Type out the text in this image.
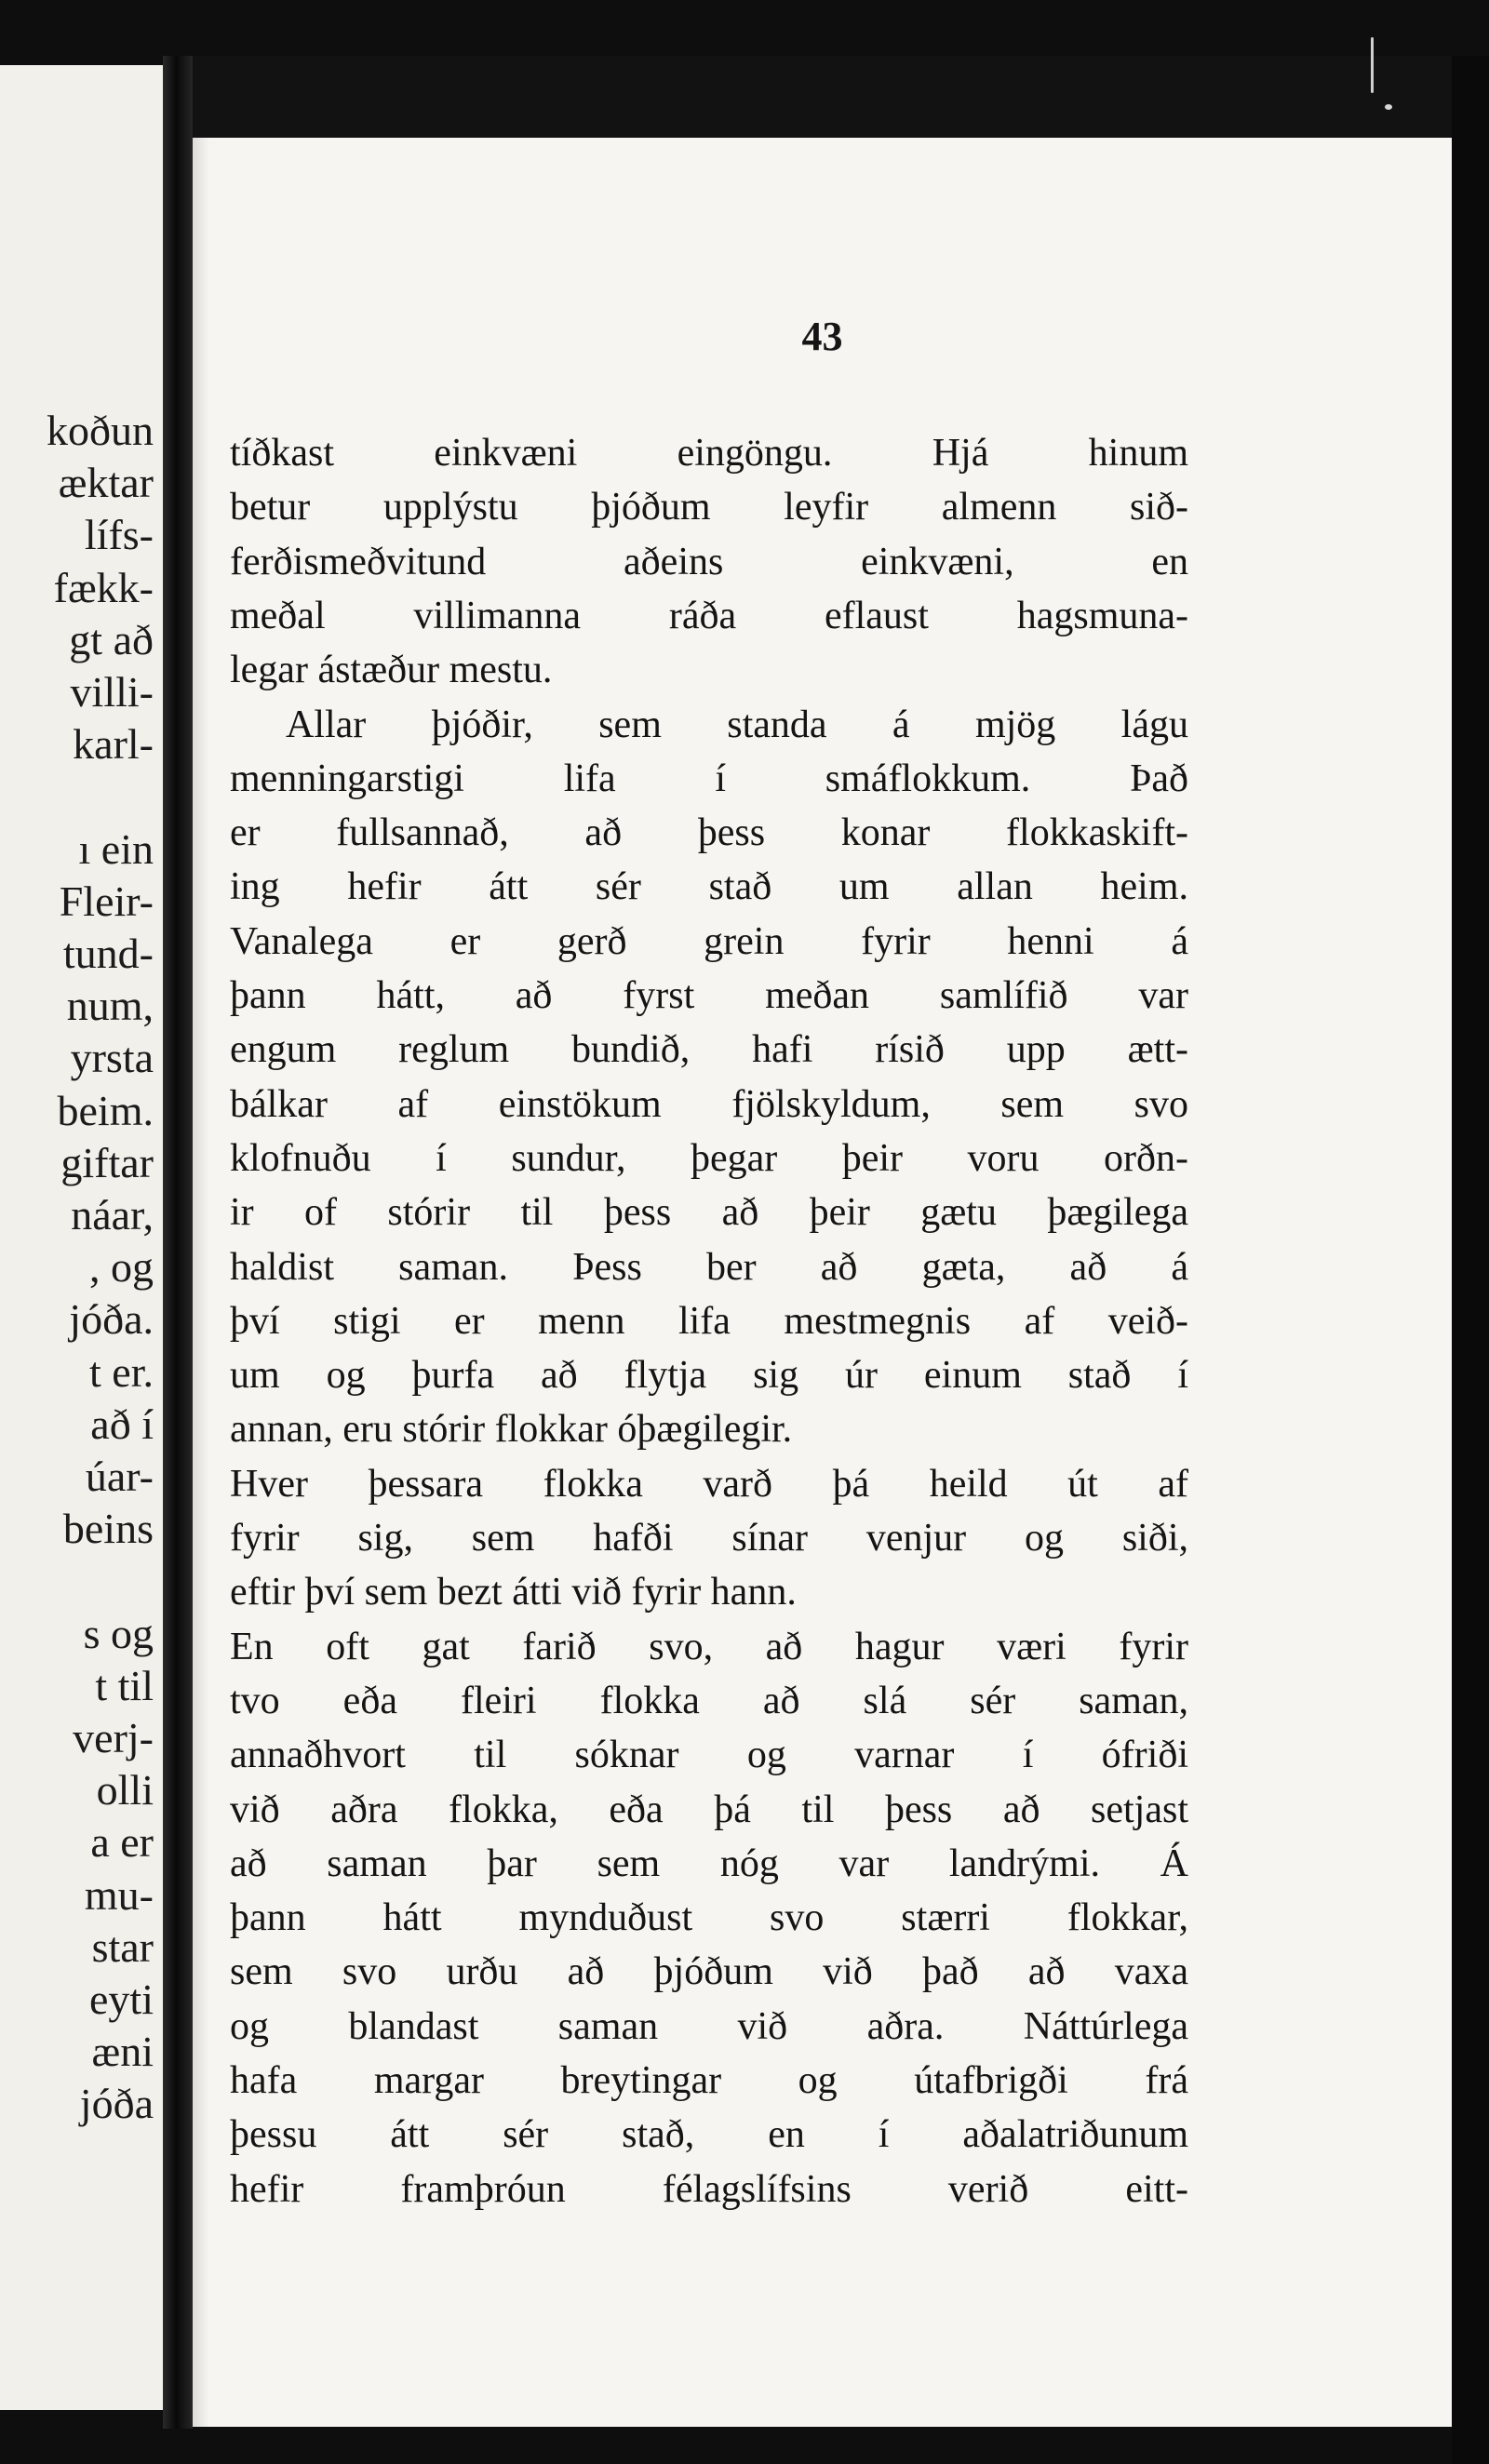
koðun
æktar
lífs-
fækk-
gt að
villi-
karl-
ı ein
Fleir-
tund-
num,
yrsta
beim.
giftar
náar,
, og
jóða.
t er.
að í
úar-
beins
s og
t til
verj-
olli
a er
mu-
star
eyti
æni
jóða
43
tíðkast einkvæni eingöngu. Hjá hinum
betur upplýstu þjóðum leyfir almenn sið-
ferðismeðvitund aðeins einkvæni, en
meðal villimanna ráða eflaust hagsmuna-
legar ástæður mestu.
Allar þjóðir, sem standa á mjög lágu
menningarstigi lifa í smáflokkum. Það
er fullsannað, að þess konar flokkaskift-
ing hefir átt sér stað um allan heim.
Vanalega er gerð grein fyrir henni á
þann hátt, að fyrst meðan samlífið var
engum reglum bundið, hafi rísið upp ætt-
bálkar af einstökum fjölskyldum, sem svo
klofnuðu í sundur, þegar þeir voru orðn-
ir of stórir til þess að þeir gætu þægilega
haldist saman. Þess ber að gæta, að á
því stigi er menn lifa mestmegnis af veið-
um og þurfa að flytja sig úr einum stað í
annan, eru stórir flokkar óþægilegir.
Hver þessara flokka varð þá heild út af
fyrir sig, sem hafði sínar venjur og siði,
eftir því sem bezt átti við fyrir hann.
En oft gat farið svo, að hagur væri fyrir
tvo eða fleiri flokka að slá sér saman,
annaðhvort til sóknar og varnar í ófriði
við aðra flokka, eða þá til þess að setjast
að saman þar sem nóg var landrými. Á
þann hátt mynduðust svo stærri flokkar,
sem svo urðu að þjóðum við það að vaxa
og blandast saman við aðra. Náttúrlega
hafa margar breytingar og útafbrigði frá
þessu átt sér stað, en í aðalatriðunum
hefir framþróun félagslífsins verið eitt-
